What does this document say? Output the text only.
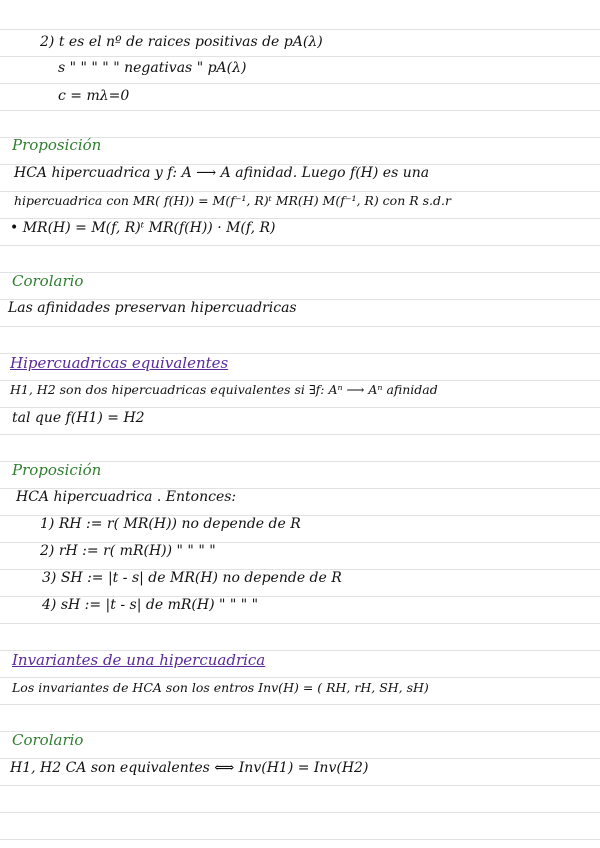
2) t es el nº de raices positivas de pA(λ)
s " " " " " negativas " pA(λ)
c = mλ=0
Proposición
HCA hipercuadrica y f: A ⟶ A afinidad. Luego f(H) es una
hipercuadrica con MR( f(H)) = M(f⁻¹, R)ᵗ MR(H) M(f⁻¹, R) con R s.d.r
• MR(H) = M(f, R)ᵗ MR(f(H)) · M(f, R)
Corolario
Las afinidades preservan hipercuadricas
Hipercuadricas equivalentes
H1, H2 son dos hipercuadricas equivalentes si ∃f: Aⁿ ⟶ Aⁿ afinidad
tal que f(H1) = H2
Proposición
HCA hipercuadrica . Entonces:
1) RH := r( MR(H)) no depende de R
2) rH := r( mR(H)) " " " "
3) SH := |t - s| de MR(H) no depende de R
4) sH := |t - s| de mR(H) " " " "
Invariantes de una hipercuadrica
Los invariantes de HCA son los entros Inv(H) = ( RH, rH, SH, sH)
Corolario
H1, H2 CA son equivalentes ⟺ Inv(H1) = Inv(H2)
